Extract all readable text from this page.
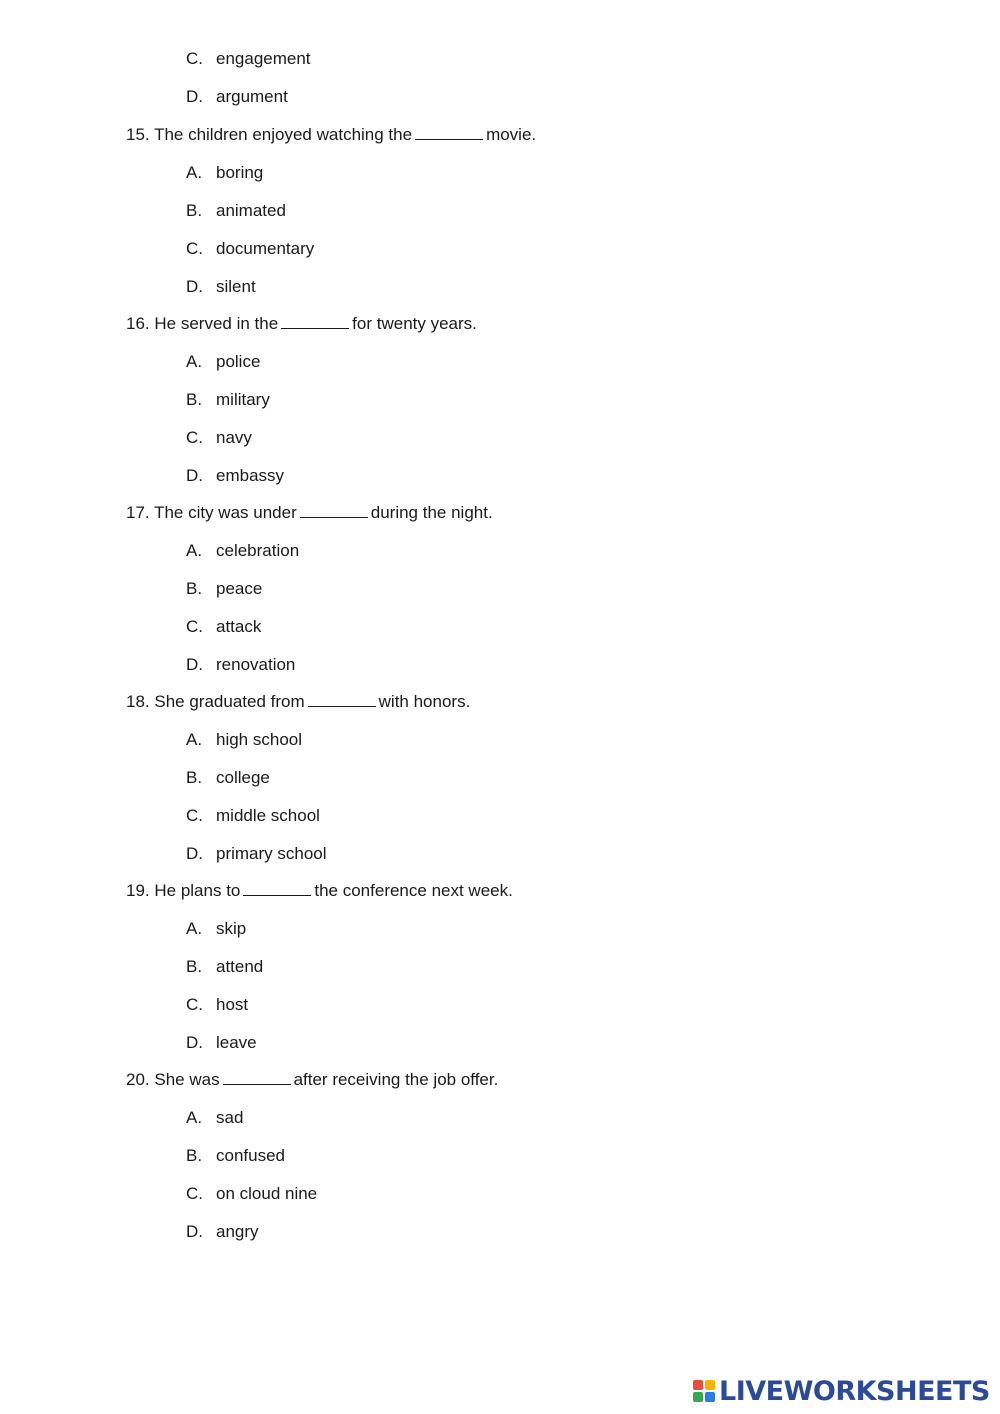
C. engagement
D. argument
15. The children enjoyed watching the	movie.
A. boring
B. animated
C. documentary
D. silent
16. He served in the	for twenty years.
A. police
B. military
C. navy
D. embassy
17. The city was under	during the night.
A. celebration
B. peace
C. attack
D. renovation
18. She graduated from	with honors.
A. high school
B. college
C. middle school
D. primary school
19. He plans to	the conference next week.
A. skip
B. attend
C. host
D. leave
20. She was	after receiving the job offer.
A. sad
B. confused
C. on cloud nine
D. angry
LIVEWORKSHEETS
